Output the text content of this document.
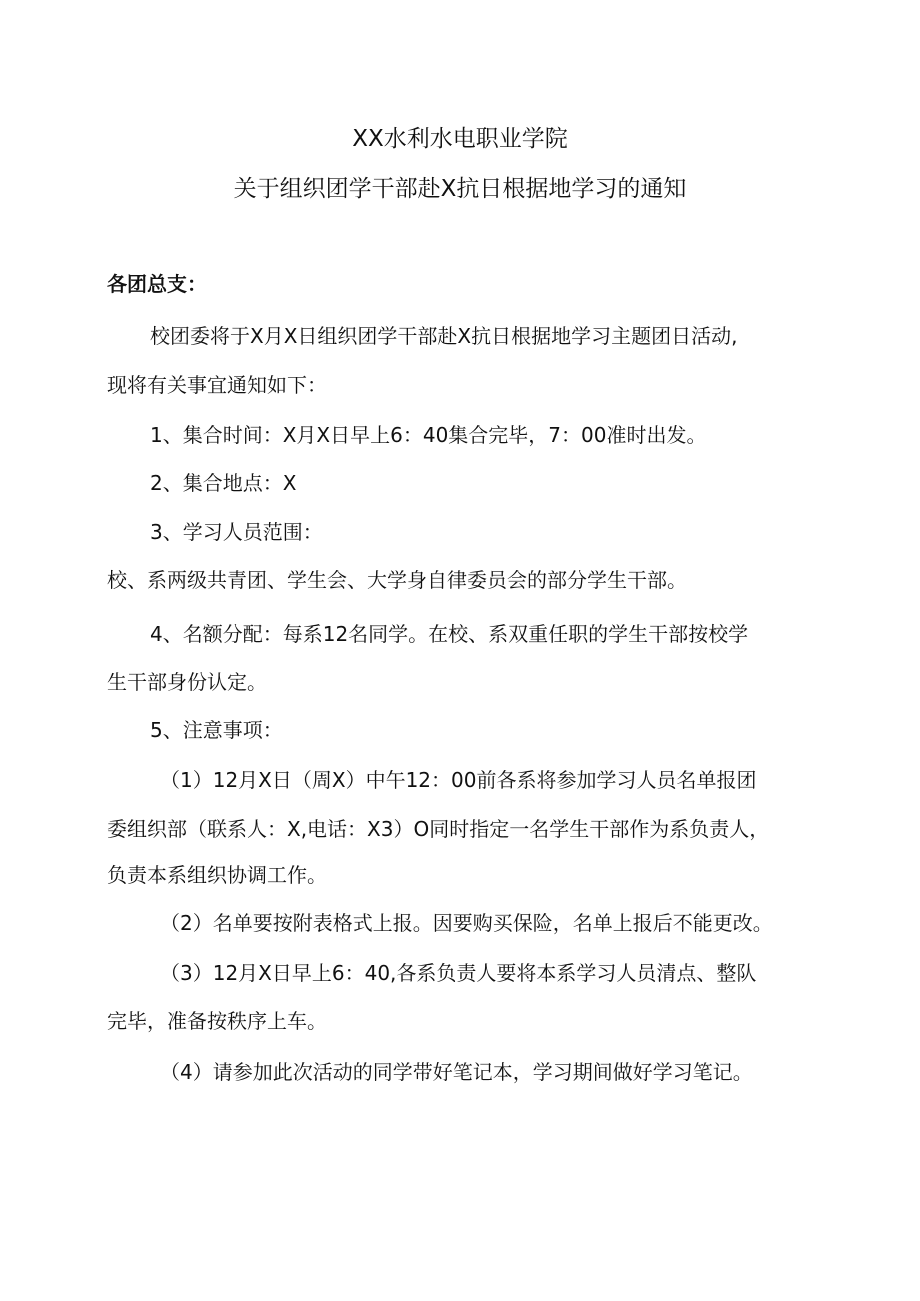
XX水利水电职业学院
关于组织团学干部赴X抗日根据地学习的通知
各团总支：
校团委将于X月X日组织团学干部赴X抗日根据地学习主题团日活动,
现将有关事宜通知如下：
1、集合时间：X月X日早上6：40集合完毕，7：00准时出发。
2、集合地点：X
3、学习人员范围：
校、系两级共青团、学生会、大学身自律委员会的部分学生干部。
4、名额分配：每系12名同学。在校、系双重任职的学生干部按校学
生干部身份认定。
5、注意事项：
（1）12月X日（周X）中午12：00前各系将参加学习人员名单报团
委组织部（联系人：X,电话：X3）O同时指定一名学生干部作为系负责人，
负责本系组织协调工作。
（2）名单要按附表格式上报。因要购买保险，名单上报后不能更改。
（3）12月X日早上6：40,各系负责人要将本系学习人员清点、整队
完毕，准备按秩序上车。
（4）请参加此次活动的同学带好笔记本，学习期间做好学习笔记。
